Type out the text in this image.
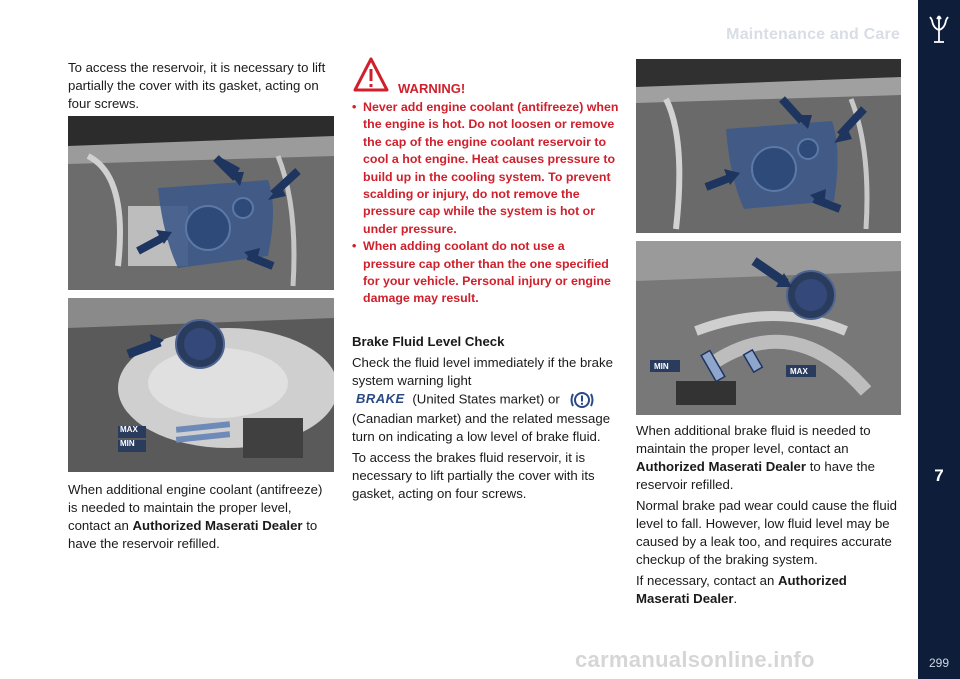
Maintenance and Care
7
299

To access the reservoir, it is necessary to lift partially the cover with its gasket, acting on four screws.

MAX
MIN

When additional engine coolant (antifreeze) is needed to maintain the proper level, contact an Authorized Maserati Dealer to have the reservoir refilled.

WARNING!
• Never add engine coolant (antifreeze) when the engine is hot. Do not loosen or remove the cap of the engine coolant reservoir to cool a hot engine. Heat causes pressure to build up in the cooling system. To prevent scalding or injury, do not remove the pressure cap while the system is hot or under pressure.
• When adding coolant do not use a pressure cap other than the one specified for your vehicle. Personal injury or engine damage may result.

Brake Fluid Level Check

Check the fluid level immediately if the brake system warning light
BRAKE (United States market) or
(Canadian market) and the related message turn on indicating a low level of brake fluid.

To access the brakes fluid reservoir, it is necessary to lift partially the cover with its gasket, acting on four screws.

MIN
MAX

When additional brake fluid is needed to maintain the proper level, contact an Authorized Maserati Dealer to have the reservoir refilled.

Normal brake pad wear could cause the fluid level to fall. However, low fluid level may be caused by a leak too, and requires accurate checkup of the braking system.

If necessary, contact an Authorized Maserati Dealer.

carmanualsonline.info
